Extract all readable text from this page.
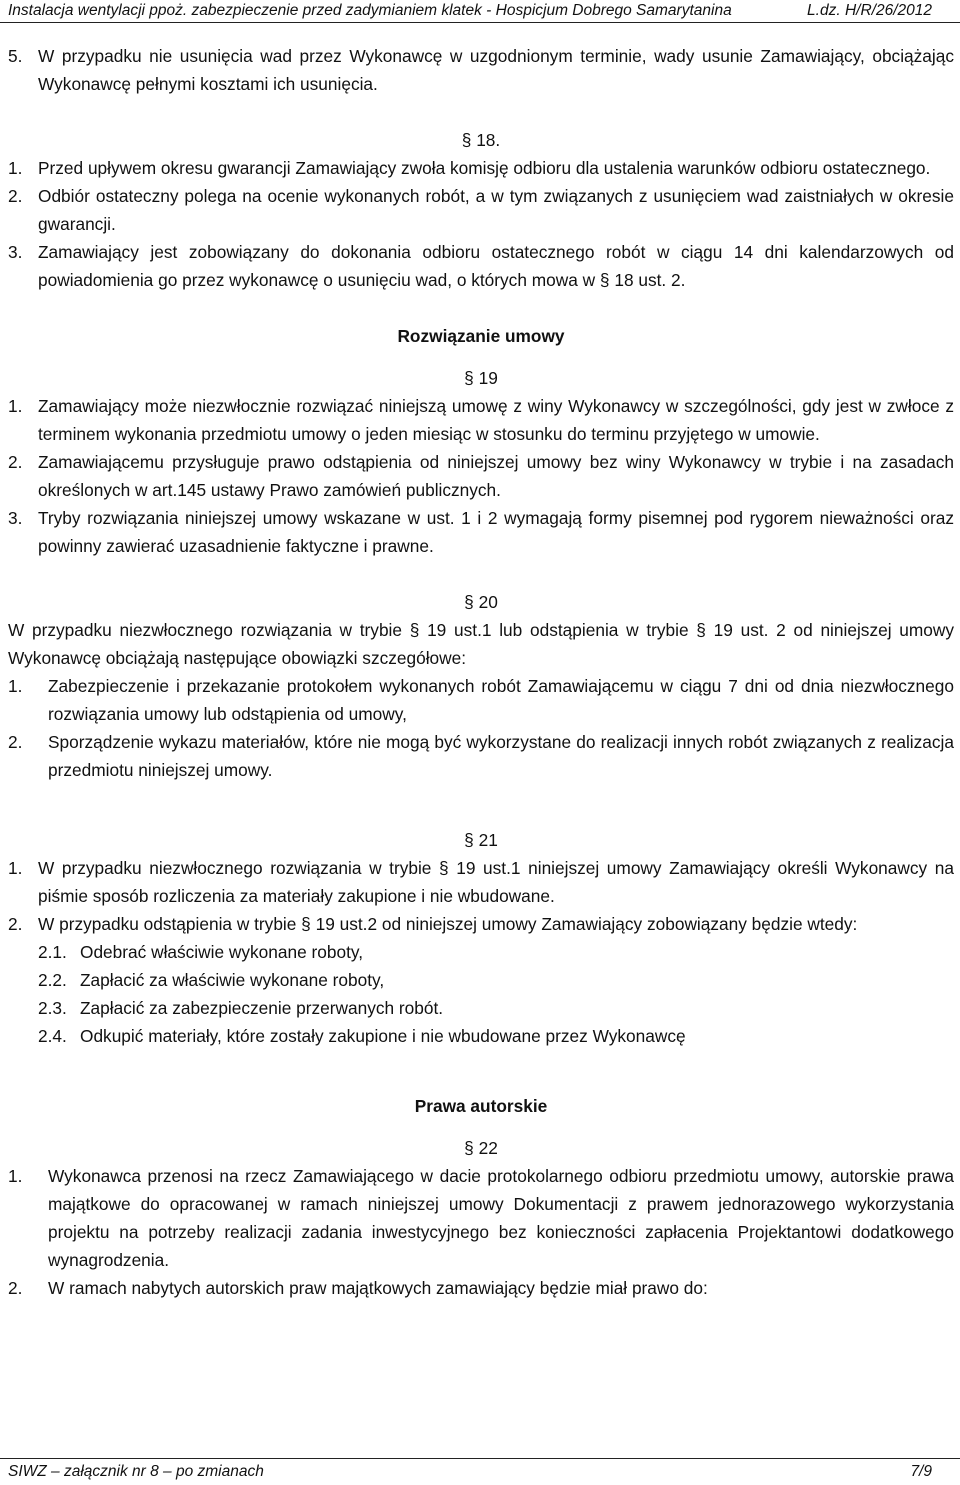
Instalacja wentylacji ppoż. zabezpieczenie przed zadymianiem klatek - Hospicjum Dobrego Samarytanina	L.dz. H/R/26/2012
5. W przypadku nie usunięcia wad przez Wykonawcę w uzgodnionym terminie, wady usunie Zamawiający, obciążając Wykonawcę pełnymi kosztami ich usunięcia.

§ 18.

1. Przed upływem okresu gwarancji Zamawiający zwoła komisję odbioru dla ustalenia warunków odbioru ostatecznego.
2. Odbiór ostateczny polega na ocenie wykonanych robót, a w tym związanych z usunięciem wad zaistniałych w okresie gwarancji.
3. Zamawiający jest zobowiązany do dokonania odbioru ostatecznego robót w ciągu 14 dni kalendarzowych od powiadomienia go przez wykonawcę o usunięciu wad, o których mowa w § 18 ust. 2.

Rozwiązanie umowy

§ 19

1. Zamawiający może niezwłocznie rozwiązać niniejszą umowę z winy Wykonawcy w szczególności, gdy jest w zwłoce z terminem wykonania przedmiotu umowy o jeden miesiąc w stosunku do terminu przyjętego w umowie.
2. Zamawiającemu przysługuje prawo odstąpienia od niniejszej umowy bez winy Wykonawcy w trybie i na zasadach określonych w art.145 ustawy Prawo zamówień publicznych.
3. Tryby rozwiązania niniejszej umowy wskazane w ust. 1 i 2 wymagają formy pisemnej pod rygorem nieważności oraz powinny zawierać uzasadnienie faktyczne i prawne.

§ 20

W przypadku niezwłocznego rozwiązania w trybie § 19 ust.1 lub odstąpienia w trybie § 19 ust. 2 od niniejszej umowy Wykonawcę obciążają następujące obowiązki szczegółowe:

1.	Zabezpieczenie i przekazanie protokołem wykonanych robót Zamawiającemu w ciągu 7 dni od dnia niezwłocznego rozwiązania umowy lub odstąpienia od umowy,
2.	Sporządzenie wykazu materiałów, które nie mogą być wykorzystane do realizacji innych robót związanych z realizacja przedmiotu niniejszej umowy.

§ 21

1. W przypadku niezwłocznego rozwiązania w trybie § 19 ust.1 niniejszej umowy Zamawiający określi Wykonawcy na piśmie sposób rozliczenia za materiały zakupione i nie wbudowane.
2. W przypadku odstąpienia w trybie § 19 ust.2 od niniejszej umowy Zamawiający zobowiązany będzie wtedy:
2.1. Odebrać właściwie wykonane roboty,
2.2. Zapłacić za właściwie wykonane roboty,
2.3. Zapłacić za zabezpieczenie przerwanych robót.
2.4. Odkupić materiały, które zostały zakupione i nie wbudowane przez Wykonawcę

Prawa autorskie

§ 22

1.	Wykonawca przenosi na rzecz Zamawiającego w dacie protokolarnego odbioru przedmiotu umowy, autorskie prawa majątkowe do opracowanej w ramach niniejszej umowy Dokumentacji z prawem jednorazowego wykorzystania projektu na potrzeby realizacji zadania inwestycyjnego bez konieczności zapłacenia Projektantowi dodatkowego wynagrodzenia.
2.	W ramach nabytych autorskich praw majątkowych zamawiający będzie miał prawo do:
SIWZ – załącznik nr 8 – po zmianach	7/9
